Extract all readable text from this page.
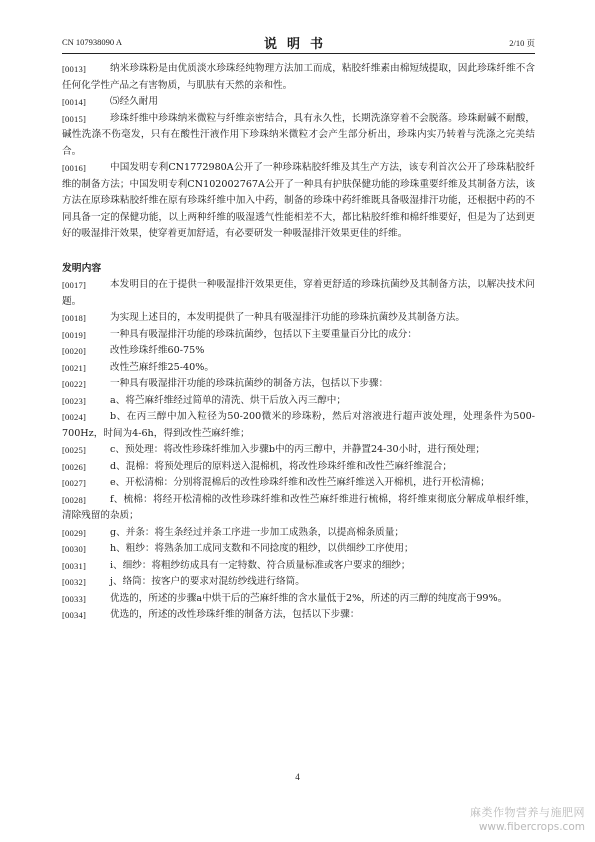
CN 107938090 A	说明书	2/10 页
[0013]	纳米珍珠粉是由优质淡水珍珠经纯物理方法加工而成，粘胶纤维素由棉短绒提取，因此珍珠纤维不含任何化学性产品之有害物质，与肌肤有天然的亲和性。
[0014]	⑸经久耐用
[0015]	珍珠纤维中珍珠纳米微粒与纤维亲密结合，具有永久性，长期洗涤穿着不会脱落。珍珠耐碱不耐酸，碱性洗涤不伤毫发，只有在酸性汗液作用下珍珠纳米微粒才会产生部分析出，珍珠内实乃转着与洗涤之完美结合。
[0016]	中国发明专利CN1772980A公开了一种珍珠粘胶纤维及其生产方法，该专利首次公开了珍珠粘胶纤维的制备方法；中国发明专利CN102002767A公开了一种具有护肤保健功能的珍珠重要纤维及其制备方法，该方法在原珍珠粘胶纤维在原有珍珠纤维中加入中药，制备的珍珠中药纤维既具备吸湿排汗功能，还根据中药的不同具备一定的保健功能，以上两种纤维的吸湿透气性能相差不大，都比粘胶纤维和棉纤维要好，但是为了达到更好的吸湿排汗效果，使穿着更加舒适，有必要研发一种吸湿排汗效果更佳的纤维。
发明内容
[0017]	本发明目的在于提供一种吸湿排汗效果更佳，穿着更舒适的珍珠抗菌纱及其制备方法，以解决技术问题。
[0018]	为实现上述目的，本发明提供了一种具有吸湿排汗功能的珍珠抗菌纱及其制备方法。
[0019]	一种具有吸湿排汗功能的珍珠抗菌纱，包括以下主要重量百分比的成分：
[0020]	改性珍珠纤维60-75%
[0021]	改性苎麻纤维25-40%。
[0022]	一种具有吸湿排汗功能的珍珠抗菌纱的制备方法，包括以下步骤：
[0023]	a、将苎麻纤维经过简单的清洗、烘干后放入丙三醇中；
[0024]	b、在丙三醇中加入粒径为50-200微米的珍珠粉，然后对溶液进行超声波处理，处理条件为500-700Hz，时间为4-6h，得到改性苎麻纤维；
[0025]	c、预处理：将改性珍珠纤维加入步骤b中的丙三醇中，并静置24-30小时，进行预处理；
[0026]	d、混棉：将预处理后的原料送入混棉机，将改性珍珠纤维和改性苎麻纤维混合；
[0027]	e、开松清棉：分别将混棉后的改性珍珠纤维和改性苎麻纤维送入开棉机，进行开松清棉；
[0028]	f、梳棉：将经开松清棉的改性珍珠纤维和改性苎麻纤维进行梳棉，将纤维束彻底分解成单根纤维，清除残留的杂质；
[0029]	g、并条：将生条经过并条工序进一步加工成熟条，以提高棉条质量；
[0030]	h、粗纱：将熟条加工成同支数和不同捻度的粗纱，以供细纱工序使用；
[0031]	i、细纱：将粗纱纺成具有一定特数、符合质量标准或客户要求的细纱；
[0032]	j、络筒：按客户的要求对混纺纱线进行络筒。
[0033]	优选的，所述的步骤a中烘干后的苎麻纤维的含水量低于2%，所述的丙三醇的纯度高于99%。
[0034]	优选的，所述的改性珍珠纤维的制备方法，包括以下步骤：
4
麻类作物营养与施肥网
www.fibercrops.com
